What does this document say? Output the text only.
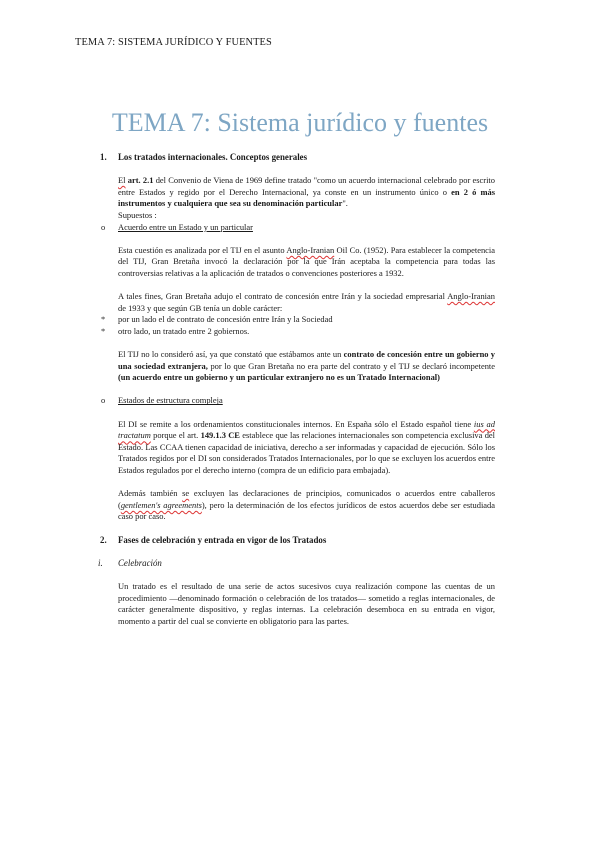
TEMA 7: SISTEMA JURÍDICO Y FUENTES
TEMA 7: Sistema jurídico y fuentes

1. Los tratados internacionales. Conceptos generales

El art. 2.1 del Convenio de Viena de 1969 define tratado "como un acuerdo internacional celebrado por escrito entre Estados y regido por el Derecho Internacional, ya conste en un instrumento único o en 2 ó más instrumentos y cualquiera que sea su denominación particular".

Supuestos :

o Acuerdo entre un Estado y un particular

Esta cuestión es analizada por el TIJ en el asunto Anglo-Iranian Oil Co. (1952). Para establecer la competencia del TIJ, Gran Bretaña invocó la declaración por la que Irán aceptaba la competencia para todas las controversias relativas a la aplicación de tratados o convenciones posteriores a 1932.

A tales fines, Gran Bretaña adujo el contrato de concesión entre Irán y la sociedad empresarial Anglo-Iranian de 1933 y que según GB tenía un doble carácter:

* por un lado el de contrato de concesión entre Irán y la Sociedad

* otro lado, un tratado entre 2 gobiernos.

El TIJ no lo consideró así, ya que constató que estábamos ante un contrato de concesión entre un gobierno y una sociedad extranjera, por lo que Gran Bretaña no era parte del contrato y el TIJ se declaró incompetente (un acuerdo entre un gobierno y un particular extranjero no es un Tratado Internacional)

o Estados de estructura compleja

El DI se remite a los ordenamientos constitucionales internos. En España sólo el Estado español tiene ius ad tractatum porque el art. 149.1.3 CE establece que las relaciones internacionales son competencia exclusiva del Estado. Las CCAA tienen capacidad de iniciativa, derecho a ser informadas y capacidad de ejecución. Sólo los Tratados regidos por el DI son considerados Tratados Internacionales, por lo que se excluyen los acuerdos entre Estados regulados por el derecho interno (compra de un edificio para embajada).

Además también se excluyen las declaraciones de principios, comunicados o acuerdos entre caballeros (gentlemen's agreements), pero la determinación de los efectos jurídicos de estos acuerdos debe ser estudiada caso por caso.

2. Fases de celebración y entrada en vigor de los Tratados

i. Celebración

Un tratado es el resultado de una serie de actos sucesivos cuya realización compone las cuentas de un procedimiento —denominado formación o celebración de los tratados— sometido a reglas internacionales, de carácter generalmente dispositivo, y reglas internas. La celebración desemboca en su entrada en vigor, momento a partir del cual se convierte en obligatorio para las partes.
